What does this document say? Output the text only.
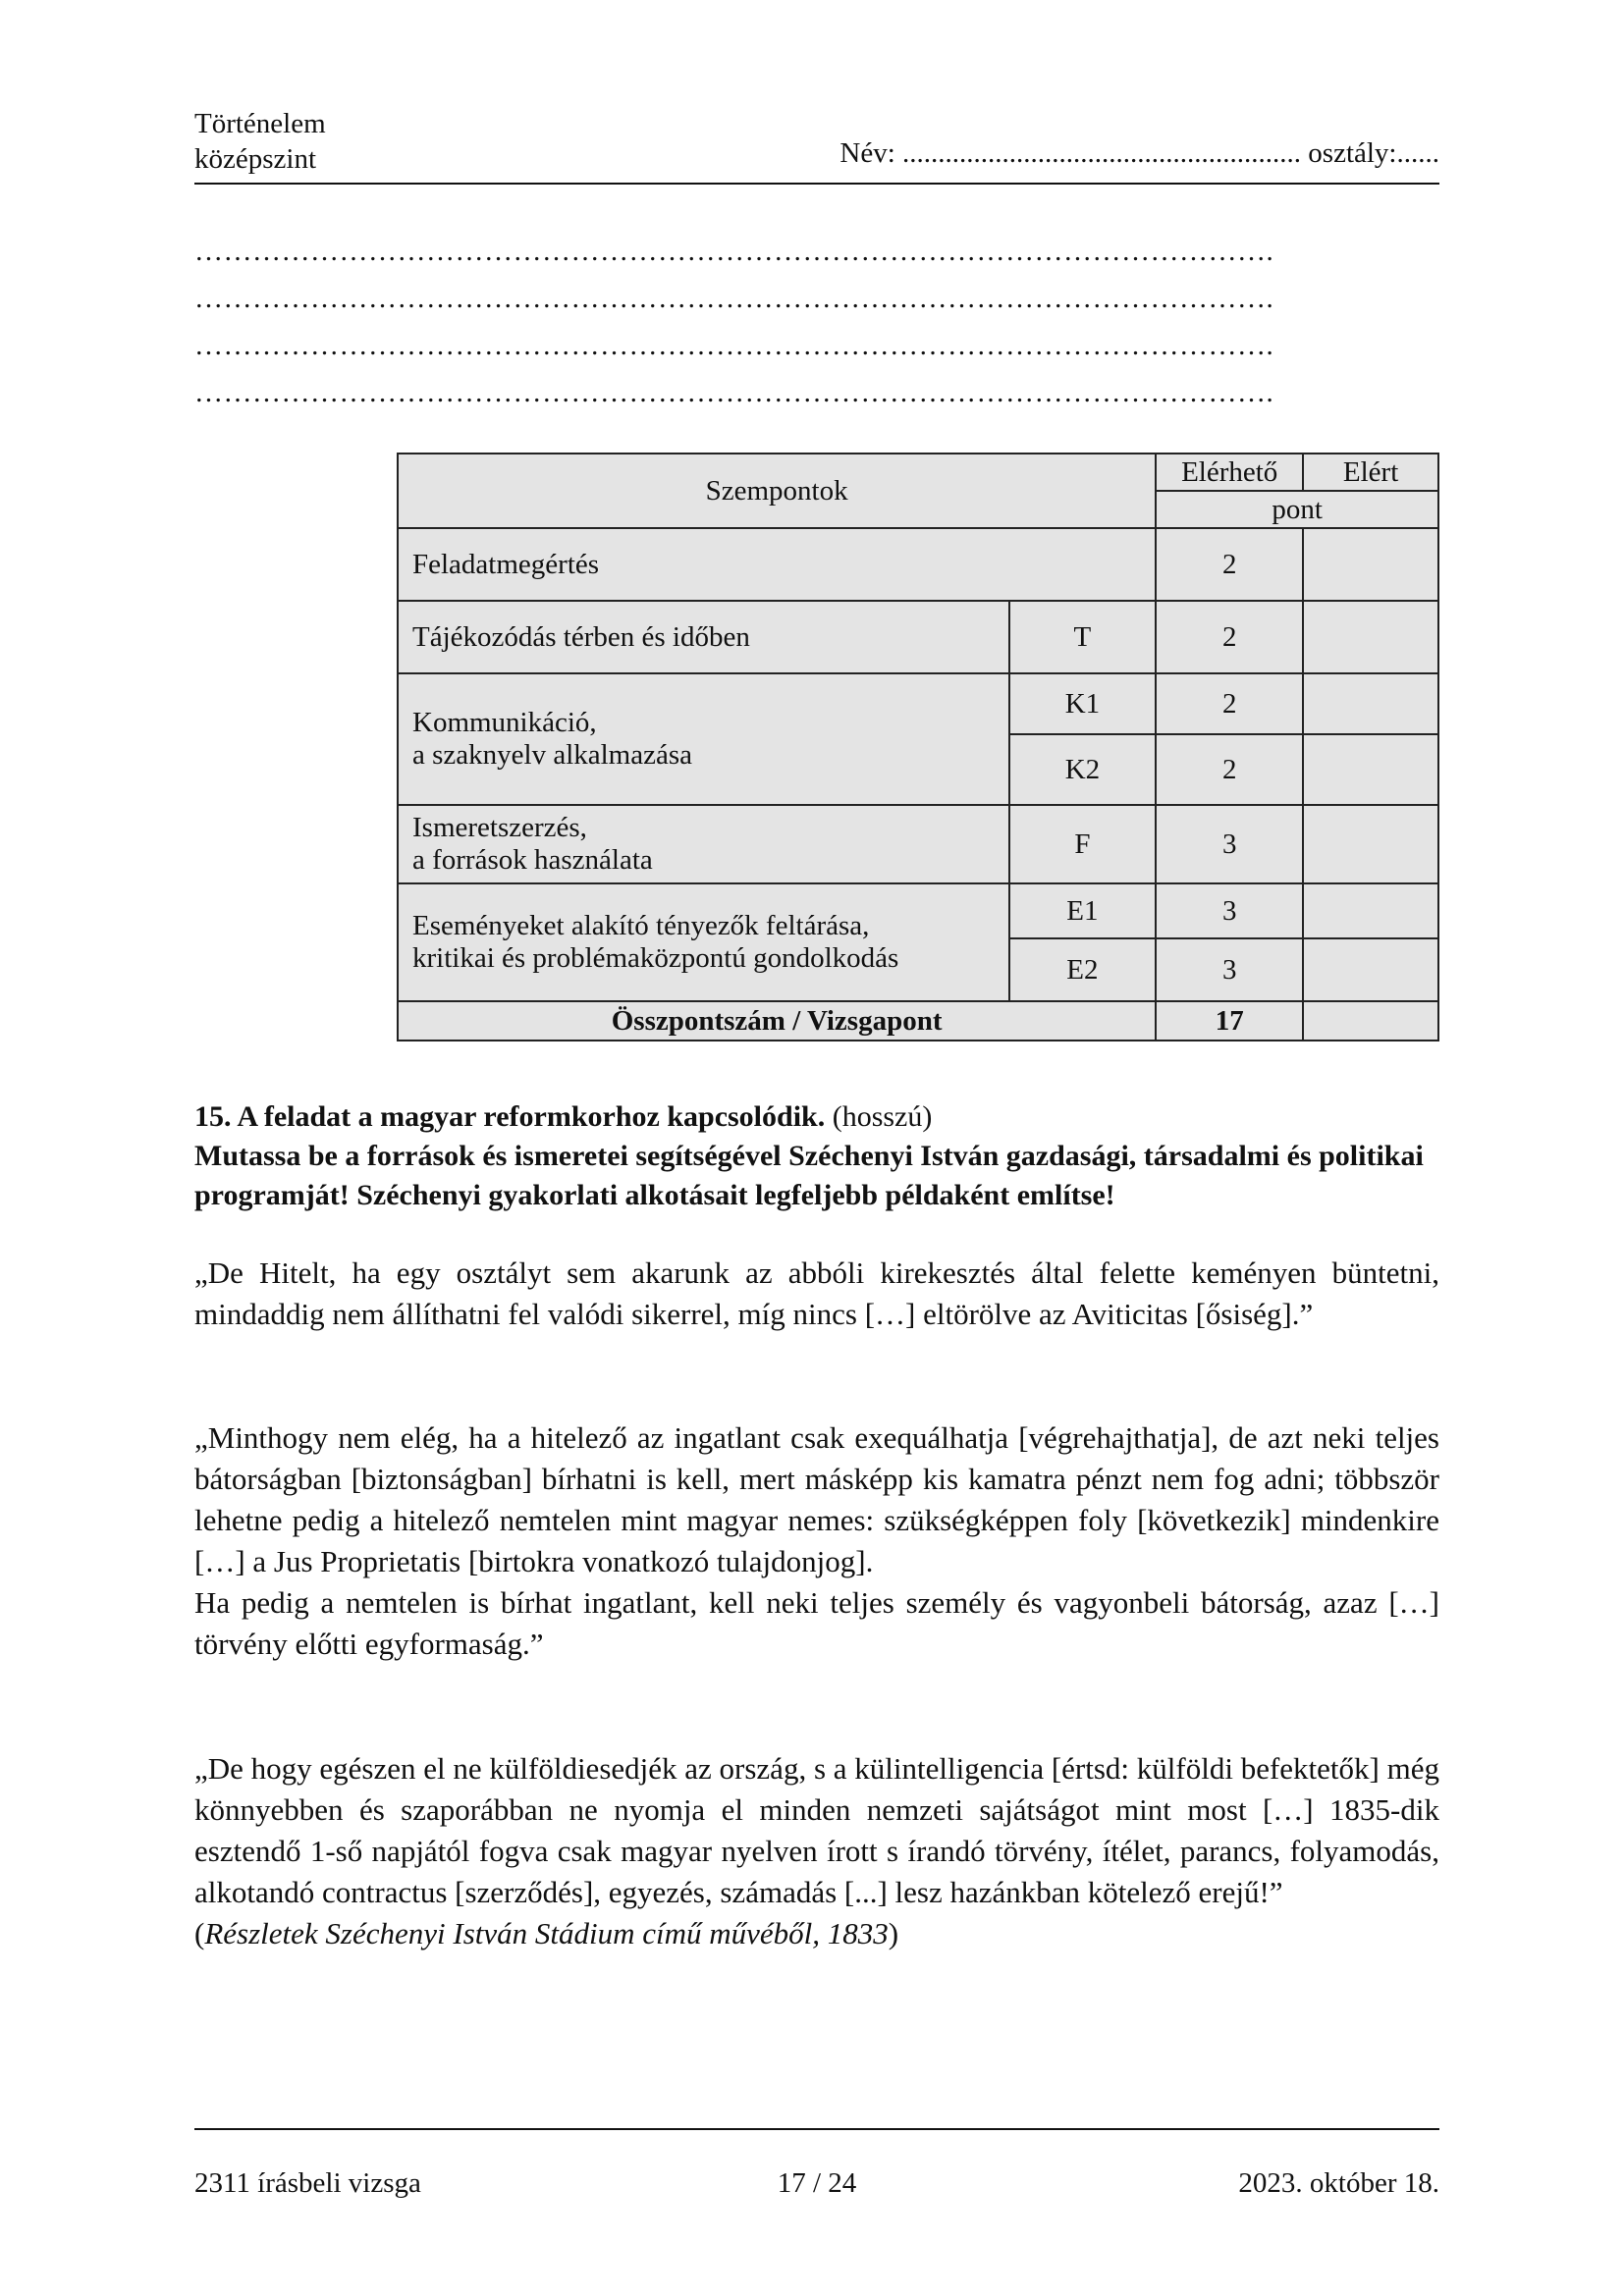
Történelem
középszint	Név: ........................................................ osztály:......
………………………………………………………………………………………………….
………………………………………………………………………………………………….
………………………………………………………………………………………………….
………………………………………………………………………………………………….
Szempontok		Elérhető	Elért
		pont	
Feladatmegértés		2	
Tájékozódás térben és időben	T	2	

Kommunikáció,
a szaknyelv alkalmazása	K1	2	
	K2	2	

Ismeretszerzés,
a források használata	F	3	

Eseményeket alakító tényezők feltárása,
kritikai és problémaközpontú gondolkodás	E1	3	
	E2	3	
Összpontszám / Vizsgapont		17	
15. A feladat a magyar reformkorhoz kapcsolódik. (hosszú)
Mutassa be a források és ismeretei segítségével Széchenyi István gazdasági, társadalmi és politikai programját! Széchenyi gyakorlati alkotásait legfeljebb példaként említse!

„De Hitelt, ha egy osztályt sem akarunk az abbóli kirekesztés által felette keményen büntetni, mindaddig nem állíthatni fel valódi sikerrel, míg nincs […] eltörölve az Aviticitas [ősiség].”

„Minthogy nem elég, ha a hitelező az ingatlant csak exequálhatja [végrehajthatja], de azt neki teljes bátorságban [biztonságban] bírhatni is kell, mert másképp kis kamatra pénzt nem fog adni; többször lehetne pedig a hitelező nemtelen mint magyar nemes: szükségképpen foly [következik] mindenkire […] a Jus Proprietatis [birtokra vonatkozó tulajdonjog].

Ha pedig a nemtelen is bírhat ingatlant, kell neki teljes személy és vagyonbeli bátorság, azaz […] törvény előtti egyformaság.”

„De hogy egészen el ne külföldiesedjék az ország, s a külintelligencia [értsd: külföldi befektetők] még könnyebben és szaporábban ne nyomja el minden nemzeti sajátságot mint most […] 1835-dik esztendő 1-ső napjától fogva csak magyar nyelven írott s írandó törvény, ítélet, parancs, folyamodás, alkotandó contractus [szerződés], egyezés, számadás [...] lesz hazánkban kötelező erejű!”

(Részletek Széchenyi István Stádium című művéből, 1833)

2311 írásbeli vizsga	17 / 24	2023. október 18.
